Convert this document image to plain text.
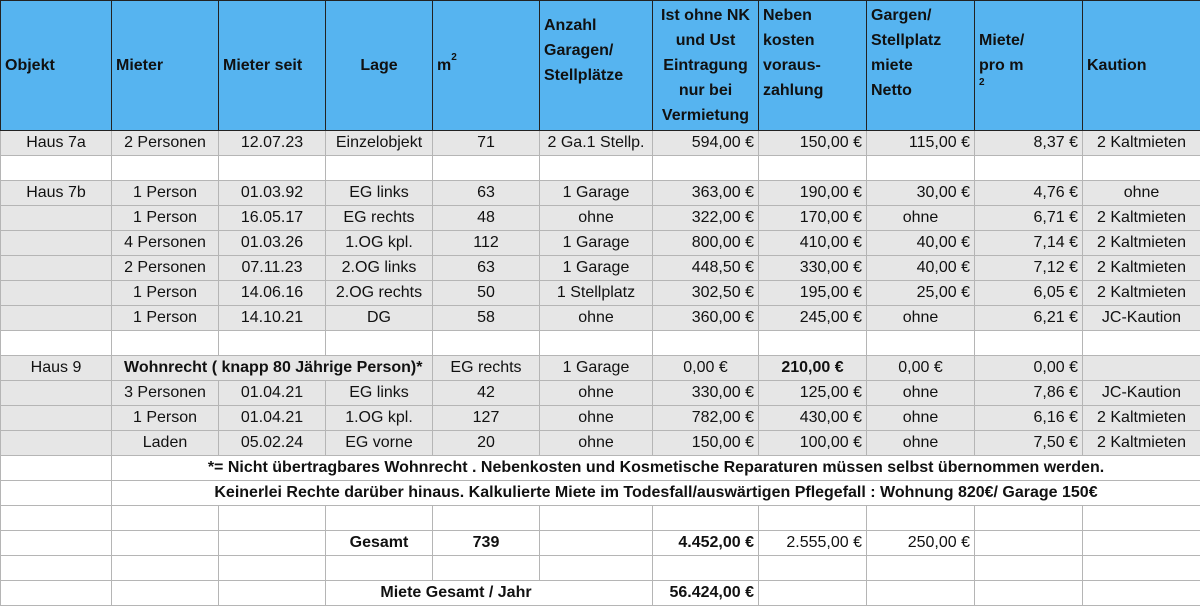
Objekt	Mieter	Mieter seit	Lage	$m^2$	Anzahl
Garagen/
Stellplätze	Ist ohne NK
und Ust
Eintragung
nur bei
Vermietung	Neben
kosten
voraus-
zahlung	Gargen/
Stellplatz
miete
Netto	Miete/
pro m
$^2$	Kaution
Haus 7a	2 Personen	12.07.23	Einzelobjekt	71	2 Ga.1 Stellp.	594,00 €	150,00 €	115,00 €	8,37 €	2 Kaltmieten

Haus 7b	1 Person	01.03.92	EG links	63	1 Garage	363,00 €	190,00 €	30,00 €	4,76 €	ohne
	1 Person	16.05.17	EG rechts	48	ohne	322,00 €	170,00 €	ohne	6,71 €	2 Kaltmieten
	4 Personen	01.03.26	1.OG kpl.	112	1 Garage	800,00 €	410,00 €	40,00 €	7,14 €	2 Kaltmieten
	2 Personen	07.11.23	2.OG links	63	1 Garage	448,50 €	330,00 €	40,00 €	7,12 €	2 Kaltmieten
	1 Person	14.06.16	2.OG rechts	50	1 Stellplatz	302,50 €	195,00 €	25,00 €	6,05 €	2 Kaltmieten
	1 Person	14.10.21	DG	58	ohne	360,00 €	245,00 €	ohne	6,21 €	JC-Kaution

Haus 9	Wohnrecht ( knapp 80 Jährige Person)*			EG rechts	1 Garage	0,00 €	210,00 €	0,00 €	0,00 €	
	3 Personen	01.04.21	EG links	42	ohne	330,00 €	125,00 €	ohne	7,86 €	JC-Kaution
	1 Person	01.04.21	1.OG kpl.	127	ohne	782,00 €	430,00 €	ohne	6,16 €	2 Kaltmieten
	Laden	05.02.24	EG vorne	20	ohne	150,00 €	100,00 €	ohne	7,50 €	2 Kaltmieten
	*= Nicht übertragbares Wohnrecht . Nebenkosten und Kosmetische Reparaturen müssen selbst übernommen werden.									
	Keinerlei Rechte darüber hinaus. Kalkulierte Miete im Todesfall/auswärtigen Pflegefall : Wohnung 820€/ Garage 150€									

			Gesamt	739		4.452,00 €	2.555,00 €	250,00 €		

			Miete Gesamt / Jahr			56.424,00 €				
